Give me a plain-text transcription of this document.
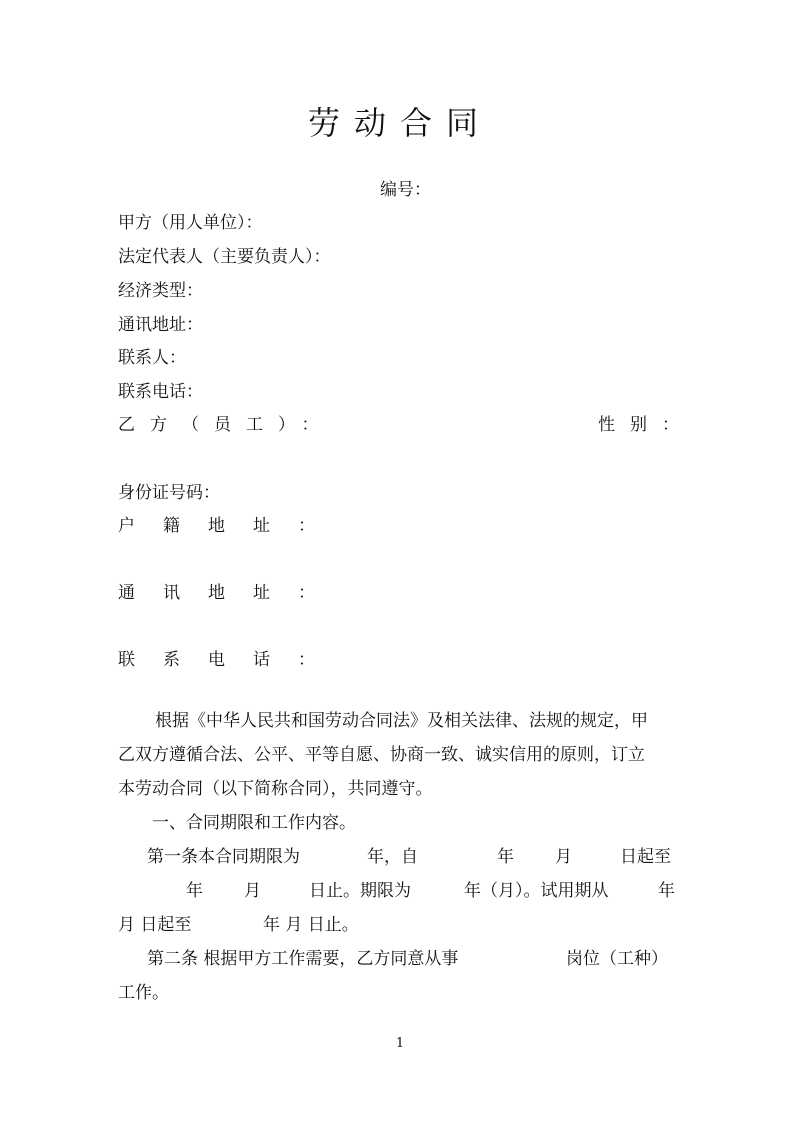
劳动合同
编号：
甲方（用人单位）：
法定代表人（主要负责人）：
经济类型：
通讯地址：
联系人：
联系电话：
乙方（员工）：	性别：
身份证号码：
户籍地址：
通讯地址：
联系电话：
根据《中华人民共和国劳动合同法》及相关法律、法规的规定，甲
乙双方遵循合法、公平、平等自愿、协商一致、诚实信用的原则，订立
本劳动合同（以下简称合同），共同遵守。
一、合同期限和工作内容。
第一条本合同期限为	年，自	年 月	日起至
年 月	日止。期限为	年（月）。试用期从	年
月 日起至	年 月 日止。
第二条 根据甲方工作需要，乙方同意从事	岗位（工种）
工作。
1
